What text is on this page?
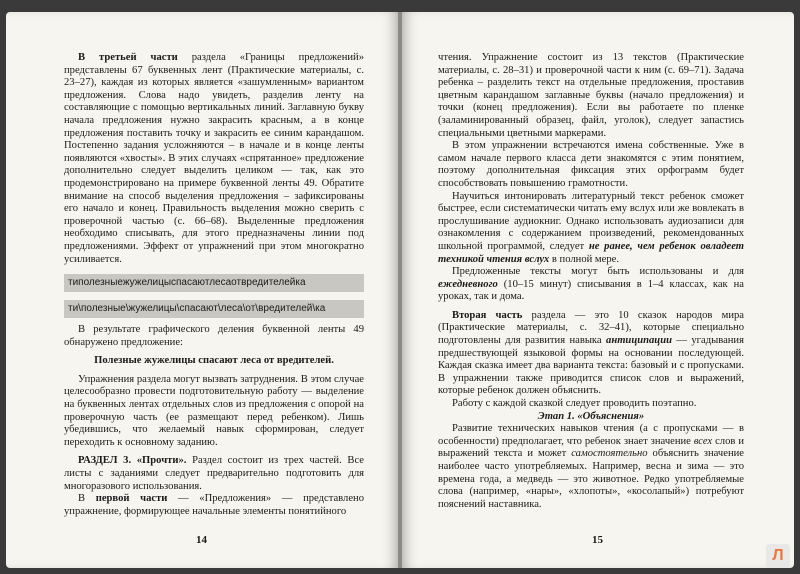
В третьей части раздела «Границы предложений» представлены 67 буквенных лент (Практические материалы, с. 23–27), каждая из которых является «зашумленным» вариантом предложения. Слова надо увидеть, разделив ленту на составляющие с помощью вертикальных линий. Заглавную букву начала предложения нужно закрасить красным, а в конце предложения поставить точку и закрасить ее синим карандашом. Постепенно задания усложняются – в начале и в конце ленты появляются «хвосты». В этих случаях «спрятанное» предложение дополнительно следует выделить целиком — так, как это продемонстрировано на примере буквенной ленты 49. Обратите внимание на способ выделения предложения – зафиксированы его начало и конец. Правильность выделения можно сверить с проверочной частью (с. 66–68). Выделенные предложения необходимо списывать, для этого предназначены линии под предложениями. Эффект от упражнений при этом многократно усиливается.

типолезныежужелицыспасаютлесаотвредителейка
ти\полезные\жужелицы\спасают\леса\от\вредителей\ка

В результате графического деления буквенной ленты 49 обнаружено предложение:

Полезные жужелицы спасают леса от вредителей.

Упражнения раздела могут вызвать затруднения. В этом случае целесообразно провести подготовительную работу — выделение на буквенных лентах отдельных слов из предложения с опорой на проверочную часть (ее размещают перед ребенком). Лишь убедившись, что желаемый навык сформирован, следует переходить к основному заданию.

РАЗДЕЛ 3. «Прочти». Раздел состоит из трех частей. Все листы с заданиями следует предварительно подготовить для многоразового использования.

В первой части — «Предложения» — представлено упражнение, формирующее начальные элементы понятийного

14

чтения. Упражнение состоит из 13 текстов (Практические материалы, с. 28–31) и проверочной части к ним (с. 69–71). Задача ребенка – разделить текст на отдельные предложения, проставив цветным карандашом заглавные буквы (начало предложения) и точки (конец предложения). Если вы работаете по пленке (заламинированный образец, файл, уголок), следует запастись специальными цветными маркерами.

В этом упражнении встречаются имена собственные. Уже в самом начале первого класса дети знакомятся с этим понятием, поэтому дополнительная фиксация этих орфограмм будет способствовать повышению грамотности.

Научиться интонировать литературный текст ребенок сможет быстрее, если систематически читать ему вслух или же вовлекать в прослушивание аудиокниг. Однако использовать аудиозаписи для ознакомления с содержанием произведений, рекомендованных школьной программой, следует не ранее, чем ребенок овладеет техникой чтения вслух в полной мере.

Предложенные тексты могут быть использованы и для ежедневного (10–15 минут) списывания в 1–4 классах, как на уроках, так и дома.

Вторая часть раздела — это 10 сказок народов мира (Практические материалы, с. 32–41), которые специально подготовлены для развития навыка антиципации — угадывания предшествующей языковой формы на основании последующей. Каждая сказка имеет два варианта текста: базовый и с пропусками. В упражнении также приводится список слов и выражений, которые ребенок должен объяснить.

Работу с каждой сказкой следует проводить поэтапно.

Этап 1. «Объяснения»

Развитие технических навыков чтения (а с пропусками — в особенности) предполагает, что ребенок знает значение всех слов и выражений текста и может самостоятельно объяснить значение наиболее часто употребляемых. Например, весна и зима — это времена года, а медведь — это животное. Редко употребляемые слова (например, «нары», «хлопоты», «косолапый») потребуют пояснений наставника.

15
Л
